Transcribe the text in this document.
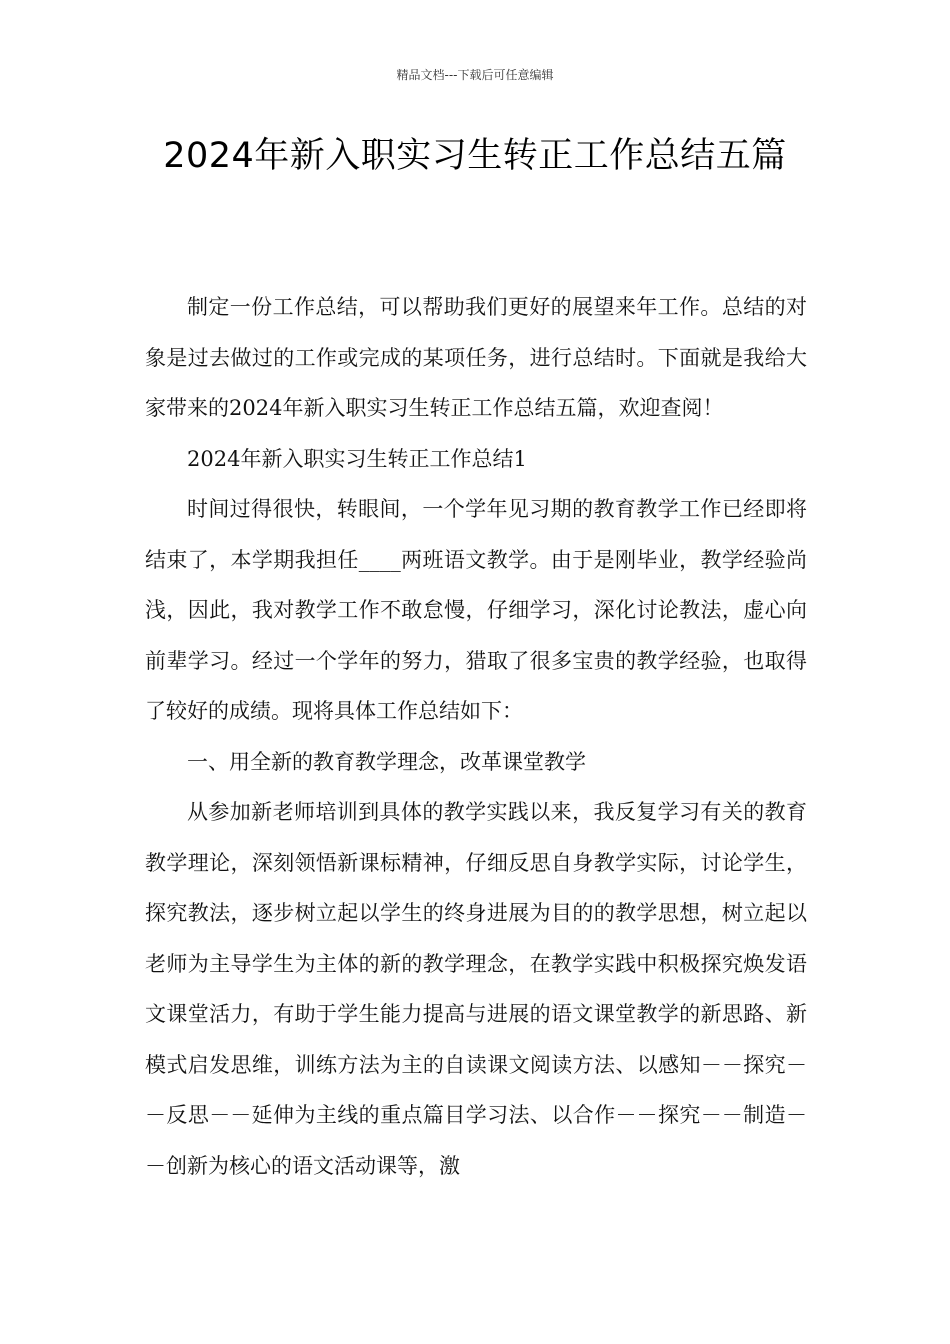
精品文档---下载后可任意编辑
2024年新入职实习生转正工作总结五篇

制定一份工作总结，可以帮助我们更好的展望来年工作。总结的对象是过去做过的工作或完成的某项任务，进行总结时。下面就是我给大家带来的2024年新入职实习生转正工作总结五篇，欢迎查阅！

2024年新入职实习生转正工作总结1

时间过得很快，转眼间，一个学年见习期的教育教学工作已经即将结束了，本学期我担任____两班语文教学。由于是刚毕业，教学经验尚浅，因此，我对教学工作不敢怠慢，仔细学习，深化讨论教法，虚心向前辈学习。经过一个学年的努力，猎取了很多宝贵的教学经验，也取得了较好的成绩。现将具体工作总结如下：

一、用全新的教育教学理念，改革课堂教学

从参加新老师培训到具体的教学实践以来，我反复学习有关的教育教学理论，深刻领悟新课标精神，仔细反思自身教学实际，讨论学生，探究教法，逐步树立起以学生的终身进展为目的的教学思想，树立起以老师为主导学生为主体的新的教学理念，在教学实践中积极探究焕发语文课堂活力，有助于学生能力提高与进展的语文课堂教学的新思路、新模式启发思维，训练方法为主的自读课文阅读方法、以感知－－探究－－反思－－延伸为主线的重点篇目学习法、以合作－－探究－－制造－－创新为核心的语文活动课等，激
